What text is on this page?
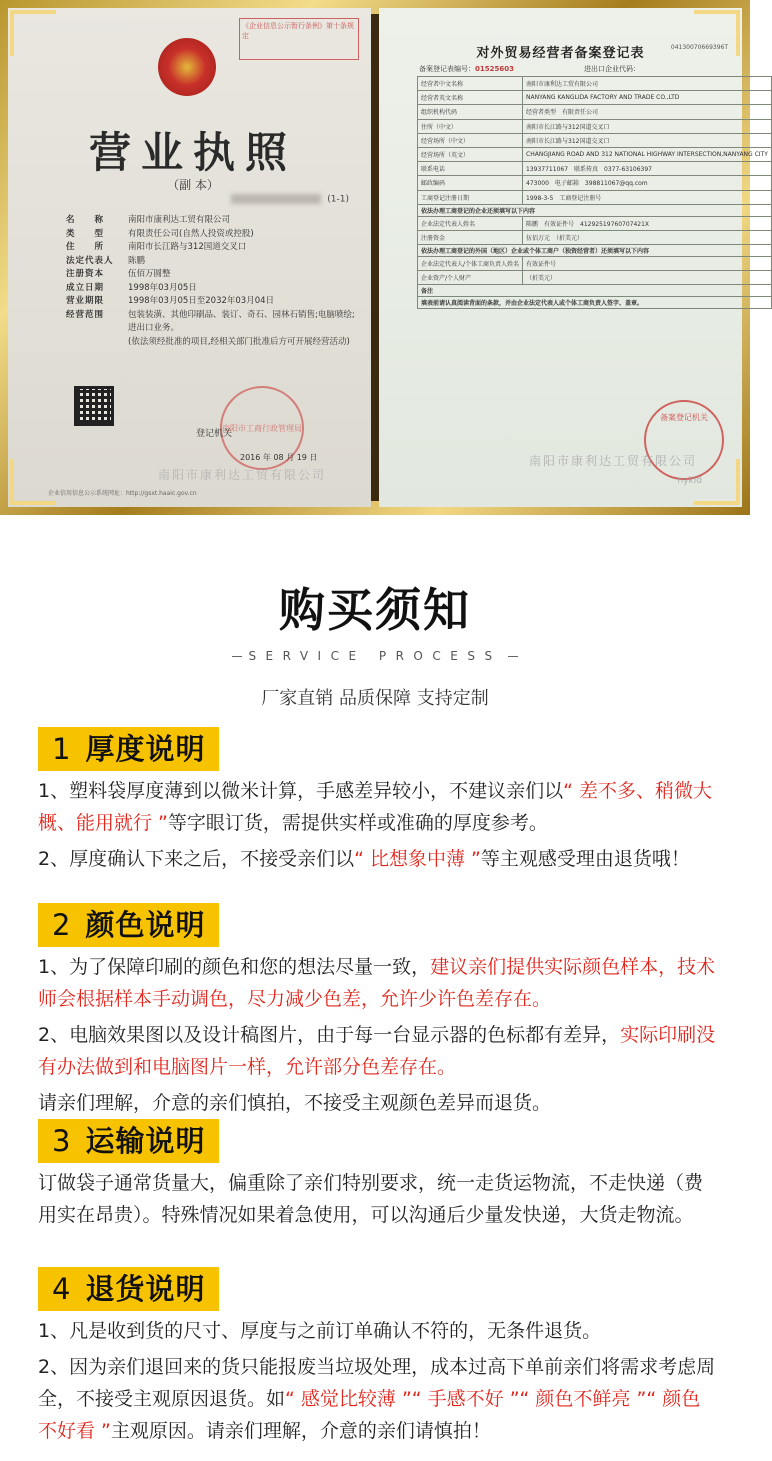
《企业信息公示暂行条例》第十条规定
营业执照
（副 本）
(1-1)
名　　称	南阳市康利达工贸有限公司
类　　型	有限责任公司(自然人投资或控股)
住　　所	南阳市长江路与312国道交叉口
法定代表人	陈鹏
注册资本	伍佰万圆整
成立日期	1998年03月05日
营业期限	1998年03月05日至2032年03月04日
经营范围	包装装潢、其他印刷品、装订、奇石、园林石销售;电脑喷绘;进出口业务。
(依法须经批准的项目,经相关部门批准后方可开展经营活动)
南阳市工商行政管理局
登记机关
2016 年 08 月 19 日
南阳市康利达工贸有限公司
企业信用信息公示系统网址：http://gsxt.haaic.gov.cn
对外贸易经营者备案登记表	04130070669396T
备案登记表编号：01525603	进出口企业代码：
经营者中文名称	南阳市康利达工贸有限公司
经营者英文名称	NANYANG KANGLIDA FACTORY AND TRADE CO.,LTD
组织机构代码	经营者类型　有限责任公司
住所（中文）	南阳市长江路与312国道交叉口
经营场所（中文）	南阳市长江路与312国道交叉口
经营场所（英文）	CHANGJIANG ROAD AND 312 NATIONAL HIGHWAY INTERSECTION,NANYANG CITY
联系电话	13937711067　联系传真　0377-63106397
邮政编码	473000　电子邮箱　398811067@qq.com
工商登记注册日期	1998-3-5　工商登记注册号
依法办理工商登记的企业还须填写以下内容	
企业法定代表人姓名	陈鹏　有效证件号　41292519760707421X
注册资金	伍佰万元　（折美元）
依法办理工商登记的外国（地区）企业或个体工商户（独资经营者）还须填写以下内容	
企业法定代表人/个体工商负责人姓名	有效证件号
企业资产/个人财产	（折美元）
备注	
填表前请认真阅读背面的条款，并由企业法定代表人或个体工商负责人签字、盖章。	
备案登记机关
南阳市康利达工贸有限公司
nykld
购买须知
SERVICE PROCESS
厂家直销 品质保障 支持定制
1 厚度说明

1、塑料袋厚度薄到以微米计算，手感差异较小，不建议亲们以“ 差不多、稍微大概、能用就行 ”等字眼订货，需提供实样或准确的厚度参考。

2、厚度确认下来之后，不接受亲们以“ 比想象中薄 ”等主观感受理由退货哦！

2 颜色说明

1、为了保障印刷的颜色和您的想法尽量一致，建议亲们提供实际颜色样本，技术师会根据样本手动调色，尽力减少色差，允许少许色差存在。

2、电脑效果图以及设计稿图片，由于每一台显示器的色标都有差异，实际印刷没有办法做到和电脑图片一样，允许部分色差存在。

请亲们理解，介意的亲们慎拍，不接受主观颜色差异而退货。

3 运输说明

订做袋子通常货量大，偏重除了亲们特别要求，统一走货运物流，不走快递（费用实在昂贵）。特殊情况如果着急使用，可以沟通后少量发快递，大货走物流。

4 退货说明

1、凡是收到货的尺寸、厚度与之前订单确认不符的，无条件退货。

2、因为亲们退回来的货只能报废当垃圾处理，成本过高下单前亲们将需求考虑周全，不接受主观原因退货。如“ 感觉比较薄 ”“ 手感不好 ”“ 颜色不鲜亮 ”“ 颜色不好看 ”主观原因。请亲们理解，介意的亲们请慎拍！
